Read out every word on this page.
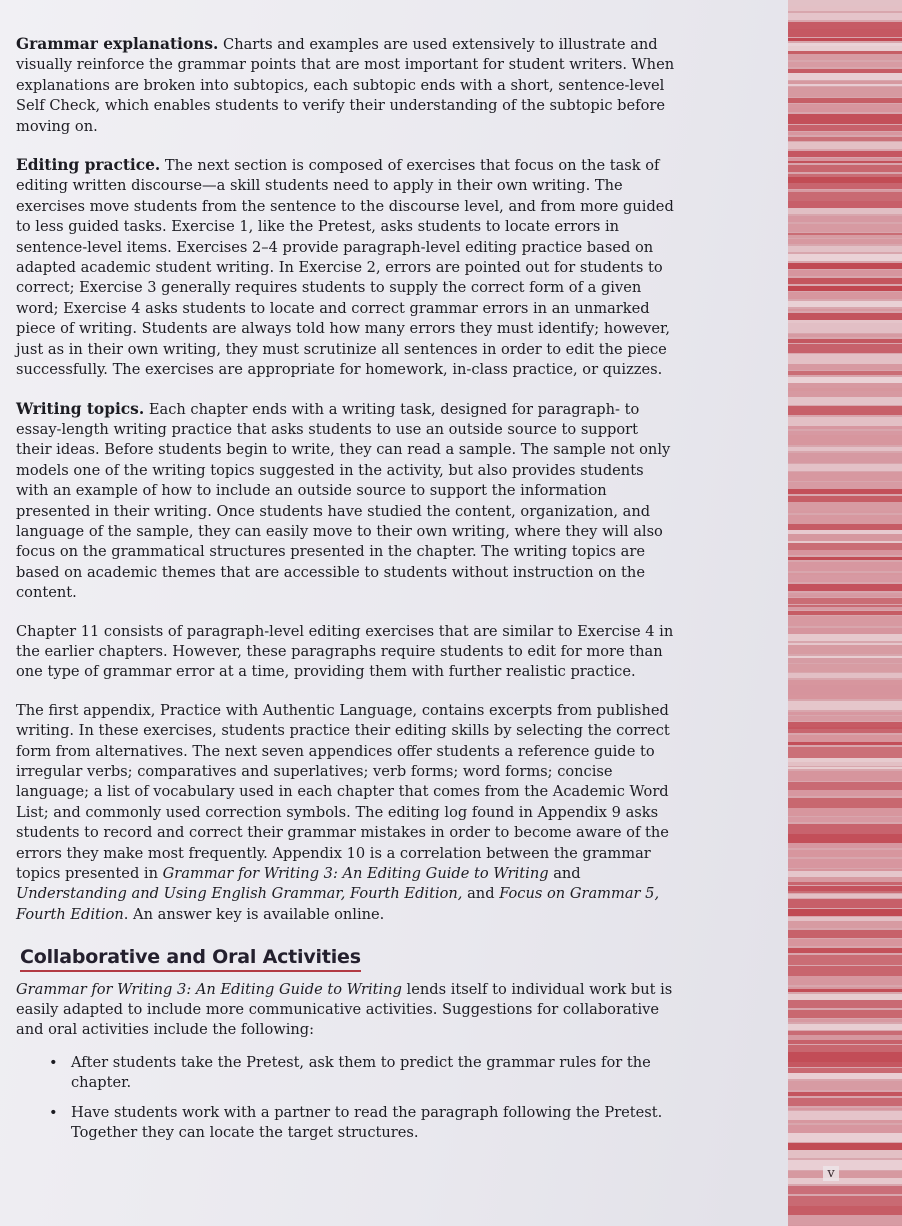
Grammar explanations. Charts and examples are used extensively to illustrate and visually reinforce the grammar points that are most important for student writers. When explanations are broken into subtopics, each subtopic ends with a short, sentence-level Self Check, which enables students to verify their understanding of the subtopic before moving on.

Editing practice. The next section is composed of exercises that focus on the task of editing written discourse—a skill students need to apply in their own writing. The exercises move students from the sentence to the discourse level, and from more guided to less guided tasks. Exercise 1, like the Pretest, asks students to locate errors in sentence-level items. Exercises 2–4 provide paragraph-level editing practice based on adapted academic student writing. In Exercise 2, errors are pointed out for students to correct; Exercise 3 generally requires students to supply the correct form of a given word; Exercise 4 asks students to locate and correct grammar errors in an unmarked piece of writing. Students are always told how many errors they must identify; however, just as in their own writing, they must scrutinize all sentences in order to edit the piece successfully. The exercises are appropriate for homework, in-class practice, or quizzes.

Writing topics. Each chapter ends with a writing task, designed for paragraph- to essay-length writing practice that asks students to use an outside source to support their ideas. Before students begin to write, they can read a sample. The sample not only models one of the writing topics suggested in the activity, but also provides students with an example of how to include an outside source to support the information presented in their writing. Once students have studied the content, organization, and language of the sample, they can easily move to their own writing, where they will also focus on the grammatical structures presented in the chapter. The writing topics are based on academic themes that are accessible to students without instruction on the content.

Chapter 11 consists of paragraph-level editing exercises that are similar to Exercise 4 in the earlier chapters. However, these paragraphs require students to edit for more than one type of grammar error at a time, providing them with further realistic practice.

The first appendix, Practice with Authentic Language, contains excerpts from published writing. In these exercises, students practice their editing skills by selecting the correct form from alternatives. The next seven appendices offer students a reference guide to irregular verbs; comparatives and superlatives; verb forms; word forms; concise language; a list of vocabulary used in each chapter that comes from the Academic Word List; and commonly used correction symbols. The editing log found in Appendix 9 asks students to record and correct their grammar mistakes in order to become aware of the errors they make most frequently. Appendix 10 is a correlation between the grammar topics presented in Grammar for Writing 3: An Editing Guide to Writing and Understanding and Using English Grammar, Fourth Edition, and Focus on Grammar 5, Fourth Edition. An answer key is available online.

Collaborative and Oral Activities

Grammar for Writing 3: An Editing Guide to Writing lends itself to individual work but is easily adapted to include more communicative activities. Suggestions for collaborative and oral activities include the following:

• After students take the Pretest, ask them to predict the grammar rules for the chapter.
• Have students work with a partner to read the paragraph following the Pretest. Together they can locate the target structures.
v
